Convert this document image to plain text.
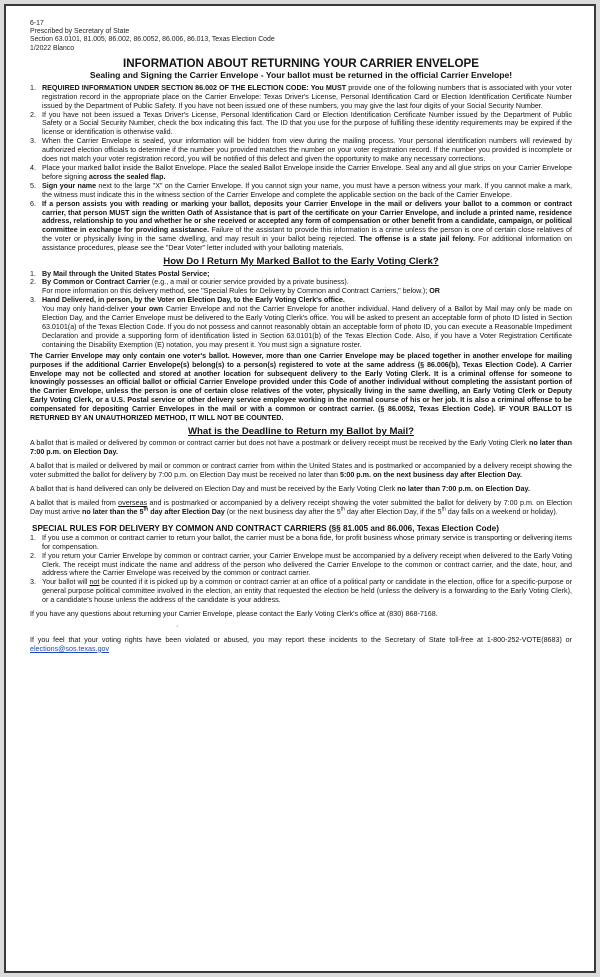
6-17
Prescribed by Secretary of State
Section 63.0101, 81.005, 86.002, 86.0052, 86.006, 86.013, Texas Election Code
1/2022 Blanco
INFORMATION ABOUT RETURNING YOUR CARRIER ENVELOPE
Sealing and Signing the Carrier Envelope - Your ballot must be returned in the official Carrier Envelope!
1. REQUIRED INFORMATION UNDER SECTION 86.002 OF THE ELECTION CODE: You MUST provide one of the following numbers that is associated with your voter registration record in the appropriate place on the Carrier Envelope: Texas Driver's License, Personal Identification Card or Election Identification Certificate Number issued by the Department of Public Safety. If you have not been issued one of these numbers, you may give the last four digits of your Social Security Number.
2. If you have not been issued a Texas Driver's License, Personal Identification Card or Election Identification Certificate Number issued by the Department of Public Safety or a Social Security Number, check the box indicating this fact. The ID that you use for the purpose of fulfilling these identity requirements may be expired if the license or identification is otherwise valid.
3. When the Carrier Envelope is sealed, your information will be hidden from view during the mailing process. Your personal identification numbers will reviewed by authorized election officials to determine if the number you provided matches the number on your voter registration record. If the number you provided is incomplete or does not match your voter registration record, you will be notified of this defect and given the opportunity to make any necessary corrections.
4. Place your marked ballot inside the Ballot Envelope. Place the sealed Ballot Envelope inside the Carrier Envelope. Seal any and all glue strips on your Carrier Envelope before signing across the sealed flap.
5. Sign your name next to the large "X" on the Carrier Envelope. If you cannot sign your name, you must have a person witness your mark. If you cannot make a mark, the witness must indicate this in the witness section of the Carrier Envelope and complete the applicable section on the back of the Carrier Envelope.
6. If a person assists you with reading or marking your ballot, deposits your Carrier Envelope in the mail or delivers your ballot to a common or contract carrier, that person MUST sign the written Oath of Assistance that is part of the certificate on your Carrier Envelope, and include a printed name, residence address, relationship to you and whether he or she received or accepted any form of compensation or other benefit from a candidate, campaign, or political committee in exchange for providing assistance. Failure of the assistant to provide this information is a crime unless the person is one of certain close relatives of the voter or physically living in the same dwelling, and may result in your ballot being rejected. The offense is a state jail felony. For additional information on assistance procedures, please see the "Dear Voter" letter included with your balloting materials.
How Do I Return My Marked Ballot to the Early Voting Clerk?
1. By Mail through the United States Postal Service;
2. By Common or Contract Carrier (e.g., a mail or courier service provided by a private business).
For more information on this delivery method, see "Special Rules for Delivery by Common and Contract Carriers," below.); OR
3. Hand Delivered, in person, by the Voter on Election Day, to the Early Voting Clerk's office.
You may only hand-deliver your own Carrier Envelope and not the Carrier Envelope for another individual. Hand delivery of a Ballot by Mail may only be made on Election Day, and the Carrier Envelope must be delivered to the Early Voting Clerk's office. You will be asked to present an acceptable form of photo ID listed in Section 63.0101(a) of the Texas Election Code. If you do not possess and cannot reasonably obtain an acceptable form of photo ID, you can execute a Reasonable Impediment Declaration and provide a supporting form of identification listed in Section 63.0101(b) of the Texas Election Code. Also, if you have a Voter Registration Certificate containing the Disability Exemption (E) notation, you may present it. You must sign a signature roster.
The Carrier Envelope may only contain one voter's ballot. However, more than one Carrier Envelope may be placed together in another envelope for mailing purposes if the additional Carrier Envelope(s) belong(s) to a person(s) registered to vote at the same address (§ 86.006(b), Texas Election Code). A Carrier Envelope may not be collected and stored at another location for subsequent delivery to the Early Voting Clerk. It is a criminal offense for someone to knowingly possesses an official ballot or official Carrier Envelope provided under this Code of another individual without completing the assistant portion of the Carrier Envelope, unless the person is one of certain close relatives of the voter, physically living in the same dwelling, an Early Voting Clerk or Deputy Early Voting Clerk, or a U.S. Postal service or other delivery service employee working in the normal course of his or her job. It is also a criminal offense to be compensated for depositing Carrier Envelopes in the mail or with a common or contract carrier. (§ 86.0052, Texas Election Code). IF YOUR BALLOT IS RETURNED BY AN UNAUTHORIZED METHOD, IT WILL NOT BE COUNTED.
What is the Deadline to Return my Ballot by Mail?
A ballot that is mailed or delivered by common or contract carrier but does not have a postmark or delivery receipt must be received by the Early Voting Clerk no later than 7:00 p.m. on Election Day.
A ballot that is mailed or delivered by mail or common or contract carrier from within the United States and is postmarked or accompanied by a delivery receipt showing the voter submitted the ballot for delivery by 7:00 p.m. on Election Day must be received no later than 5:00 p.m. on the next business day after Election Day.
A ballot that is hand delivered can only be delivered on Election Day and must be received by the Early Voting Clerk no later than 7:00 p.m. on Election Day.
A ballot that is mailed from overseas and is postmarked or accompanied by a delivery receipt showing the voter submitted the ballot for delivery by 7:00 p.m. on Election Day must arrive no later than the 5th day after Election Day (or the next business day after the 5th day after Election Day, if the 5th day falls on a weekend or holiday).
SPECIAL RULES FOR DELIVERY BY COMMON AND CONTRACT CARRIERS (§§ 81.005 and 86.006, Texas Election Code)
1. If you use a common or contract carrier to return your ballot, the carrier must be a bona fide, for profit business whose primary service is transporting or delivering items for compensation.
2. If you return your Carrier Envelope by common or contract carrier, your Carrier Envelope must be accompanied by a delivery receipt when delivered to the Early Voting Clerk. The receipt must indicate the name and address of the person who delivered the Carrier Envelope to the common or contract carrier, and the date, hour, and address where the Carrier Envelope was received by the common or contract carrier.
3. Your ballot will not be counted if it is picked up by a common or contract carrier at an office of a political party or candidate in the election, office for a specific-purpose or general purpose political committee involved in the election, an entity that requested the election be held (unless the delivery is a forwarding to the Early Voting Clerk), or a candidate's house unless the address of the candidate is your address.
If you have any questions about returning your Carrier Envelope, please contact the Early Voting Clerk's office at (830) 868-7168.
·
If you feel that your voting rights have been violated or abused, you may report these incidents to the Secretary of State toll-free at 1-800-252-VOTE(8683) or elections@sos.texas.gov
